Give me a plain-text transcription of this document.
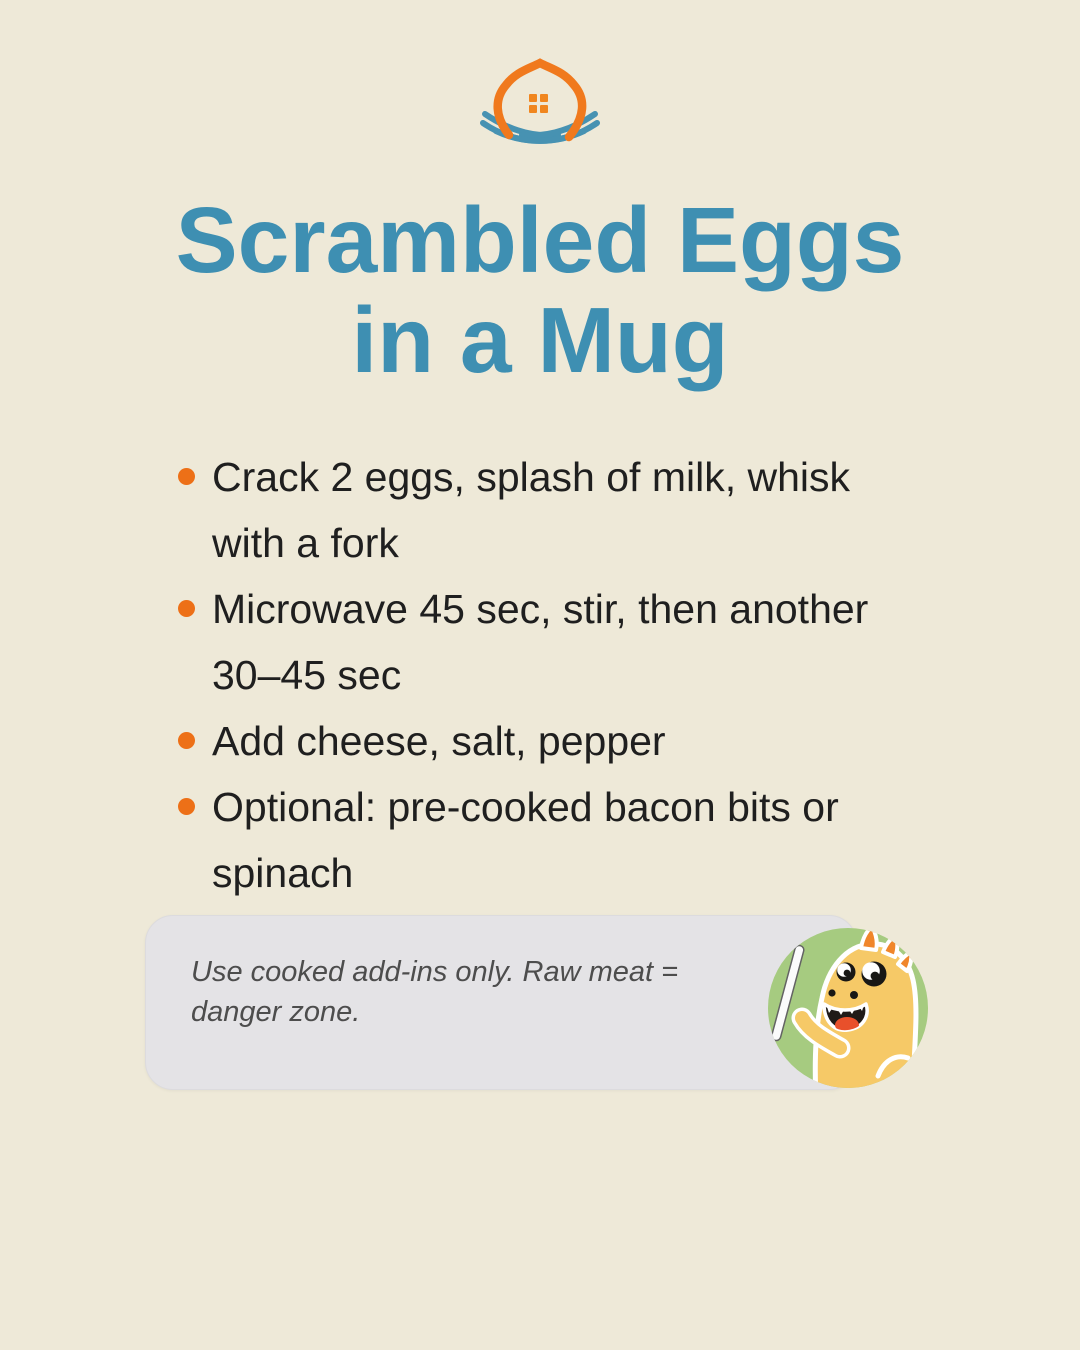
Scrambled Eggs
in a Mug
Crack 2 eggs, splash of milk, whisk with a fork
Microwave 45 sec, stir, then another 30–45 sec
Add cheese, salt, pepper
Optional: pre-cooked bacon bits or spinach

Use cooked add-ins only. Raw meat = danger zone.
